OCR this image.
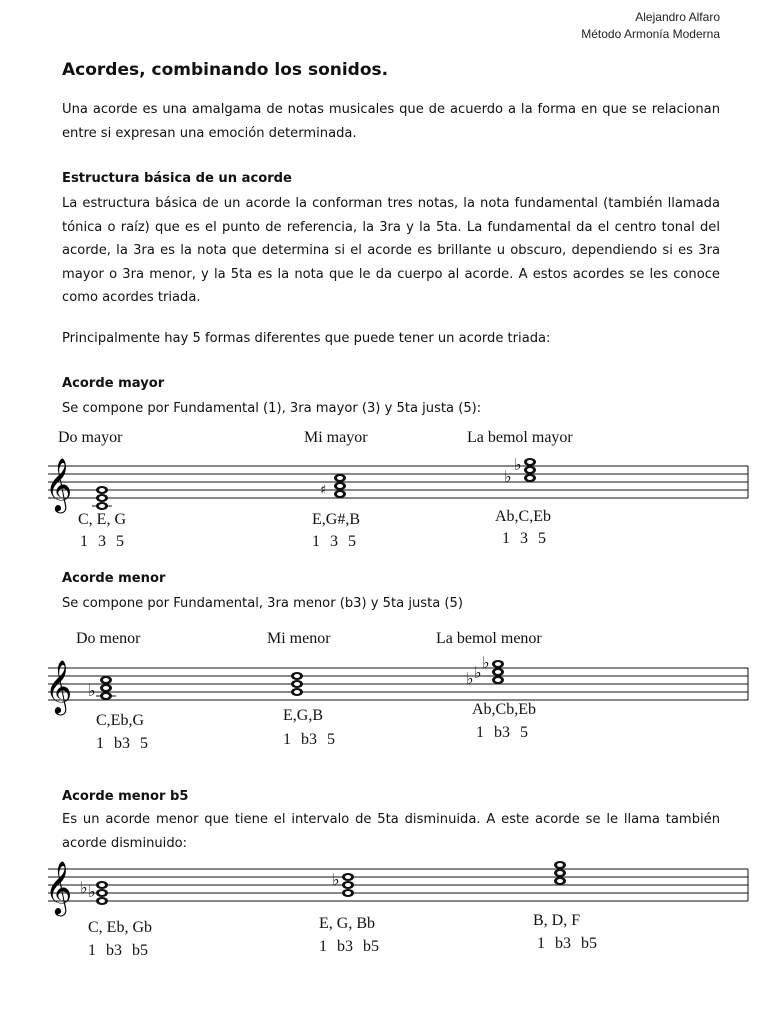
Alejandro Alfaro
Método Armonía Moderna
Acordes, combinando los sonidos.

Una acorde es una amalgama de notas musicales que de acuerdo a la forma en que se relacionan entre si expresan una emoción determinada.

Estructura básica de un acorde

La estructura básica de un acorde la conforman tres notas, la nota fundamental (también llamada tónica o raíz) que es el punto de referencia, la 3ra y la 5ta. La fundamental da el centro tonal del acorde, la 3ra es la nota que determina si el acorde es brillante u obscuro, dependiendo si es 3ra mayor o 3ra menor, y la 5ta es la nota que le da cuerpo al acorde. A estos acordes se les conoce como acordes triada.

Principalmente hay 5 formas diferentes que puede tener un acorde triada:

Acorde mayor

Se compone por Fundamental (1), 3ra mayor (3) y 5ta justa (5):

Do mayor	Mi mayor	La bemol mayor
𝄞	♯
♭
♭
C, E, G
1 3 5
E,G#,B
1 3 5
Ab,C,Eb
1 3 5
Acorde menor

Se compone por Fundamental, 3ra menor (b3) y 5ta justa (5)

Do menor	Mi menor	La bemol menor
𝄞 ♭
♭ ♭
♭
C,Eb,G
1 b3 5
E,G,B
1 b3 5
Ab,Cb,Eb
1 b3 5
Acorde menor b5

Es un acorde menor que tiene el intervalo de 5ta disminuida. A este acorde se le llama también acorde disminuido:

𝄞 ♭ ♭
♭
C, Eb, Gb
1 b3 b5
E, G, Bb
1 b3 b5
B, D, F
1 b3 b5
